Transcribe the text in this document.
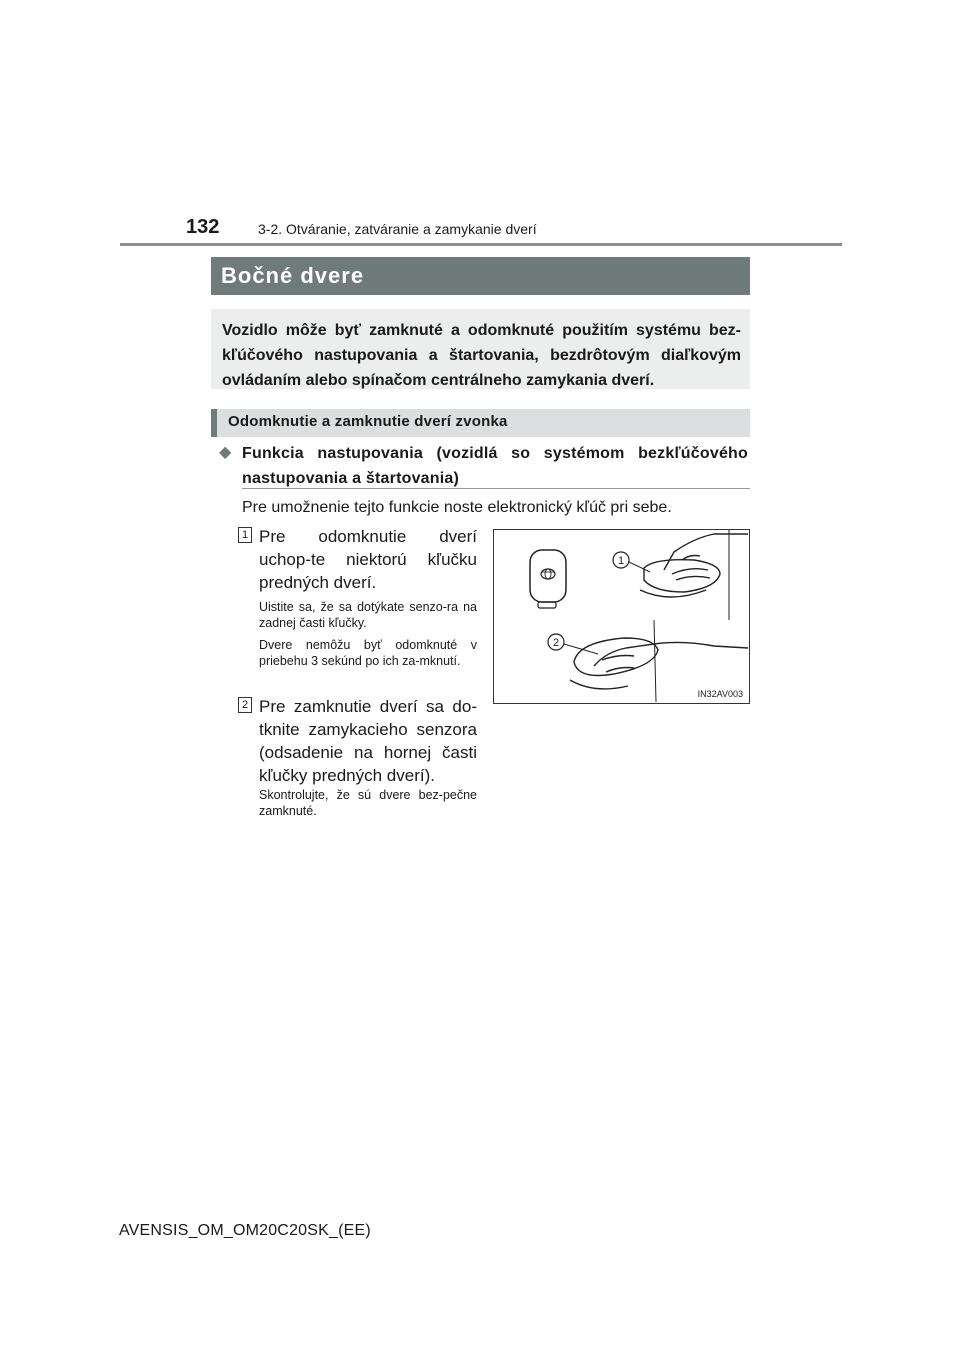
132	3-2. Otváranie, zatváranie a zamykanie dverí
Bočné dvere
Vozidlo môže byť zamknuté a odomknuté použitím systému bez-kľúčového nastupovania a štartovania, bezdrôtovým diaľkovým ovládaním alebo spínačom centrálneho zamykania dverí.
Odomknutie a zamknutie dverí zvonka
◆ Funkcia nastupovania (vozidlá so systémom bezkľúčového nastupovania a štartovania)
Pre umožnenie tejto funkcie noste elektronický kľúč pri sebe.
1 Pre odomknutie dverí uchop-te niektorú kľučku predných dverí.
Uistite sa, že sa dotýkate senzo-ra na zadnej časti kľučky.
Dvere nemôžu byť odomknuté v priebehu 3 sekúnd po ich za-mknutí.
2 Pre zamknutie dverí sa do-tknite zamykacieho senzora (odsadenie na hornej časti kľučky predných dverí).
Skontrolujte, že sú dvere bez-pečne zamknuté.
1
2
IN32AV003
AVENSIS_OM_OM20C20SK_(EE)
